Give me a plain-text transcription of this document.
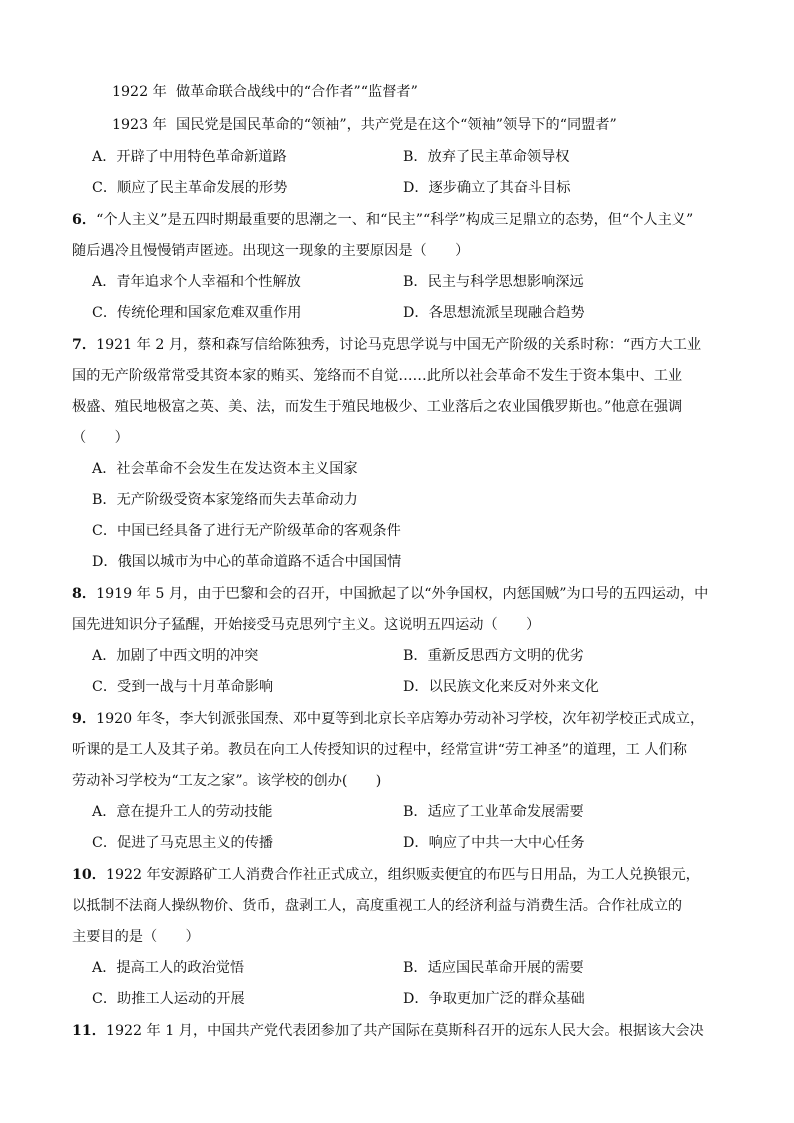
1922 年 做革命联合战线中的“合作者”“监督者”
1923 年 国民党是国民革命的“领袖”，共产党是在这个“领袖”领导下的“同盟者”
A．开辟了中用特色革命新道路	B．放弃了民主革命领导权
C．顺应了民主革命发展的形势	D．逐步确立了其奋斗目标
6．“个人主义”是五四时期最重要的思潮之一、和“民主”“科学”构成三足鼎立的态势，但“个人主义”
随后遇冷且慢慢销声匿迹。出现这一现象的主要原因是（　　）
A．青年追求个人幸福和个性解放	B．民主与科学思想影响深远
C．传统伦理和国家危难双重作用	D．各思想流派呈现融合趋势
7．1921 年 2 月，蔡和森写信给陈独秀，讨论马克思学说与中国无产阶级的关系时称：“西方大工业
国的无产阶级常常受其资本家的贿买、笼络而不自觉……此所以社会革命不发生于资本集中、工业
极盛、殖民地极富之英、美、法，而发生于殖民地极少、工业落后之农业国俄罗斯也。”他意在强调
（　　）
A．社会革命不会发生在发达资本主义国家
B．无产阶级受资本家笼络而失去革命动力
C．中国已经具备了进行无产阶级革命的客观条件
D．俄国以城市为中心的革命道路不适合中国国情
8．1919 年 5 月，由于巴黎和会的召开，中国掀起了以“外争国权，内惩国贼”为口号的五四运动，中
国先进知识分子猛醒，开始接受马克思列宁主义。这说明五四运动（　　）
A．加剧了中西文明的冲突	B．重新反思西方文明的优劣
C．受到一战与十月革命影响	D．以民族文化来反对外来文化
9．1920 年冬，李大钊派张国焘、邓中夏等到北京长辛店筹办劳动补习学校，次年初学校正式成立，
听课的是工人及其子弟。教员在向工人传授知识的过程中，经常宣讲“劳工神圣”的道理，工 人们称
劳动补习学校为“工友之家”。该学校的创办(　　)
A．意在提升工人的劳动技能	B．适应了工业革命发展需要
C．促进了马克思主义的传播	D．响应了中共一大中心任务
10．1922 年安源路矿工人消费合作社正式成立，组织贩卖便宜的布匹与日用品，为工人兑换银元，
以抵制不法商人操纵物价、货币，盘剥工人，高度重视工人的经济利益与消费生活。合作社成立的
主要目的是（　　）
A．提高工人的政治觉悟	B．适应国民革命开展的需要
C．助推工人运动的开展	D．争取更加广泛的群众基础
11．1922 年 1 月，中国共产党代表团参加了共产国际在莫斯科召开的远东人民大会。根据该大会决
